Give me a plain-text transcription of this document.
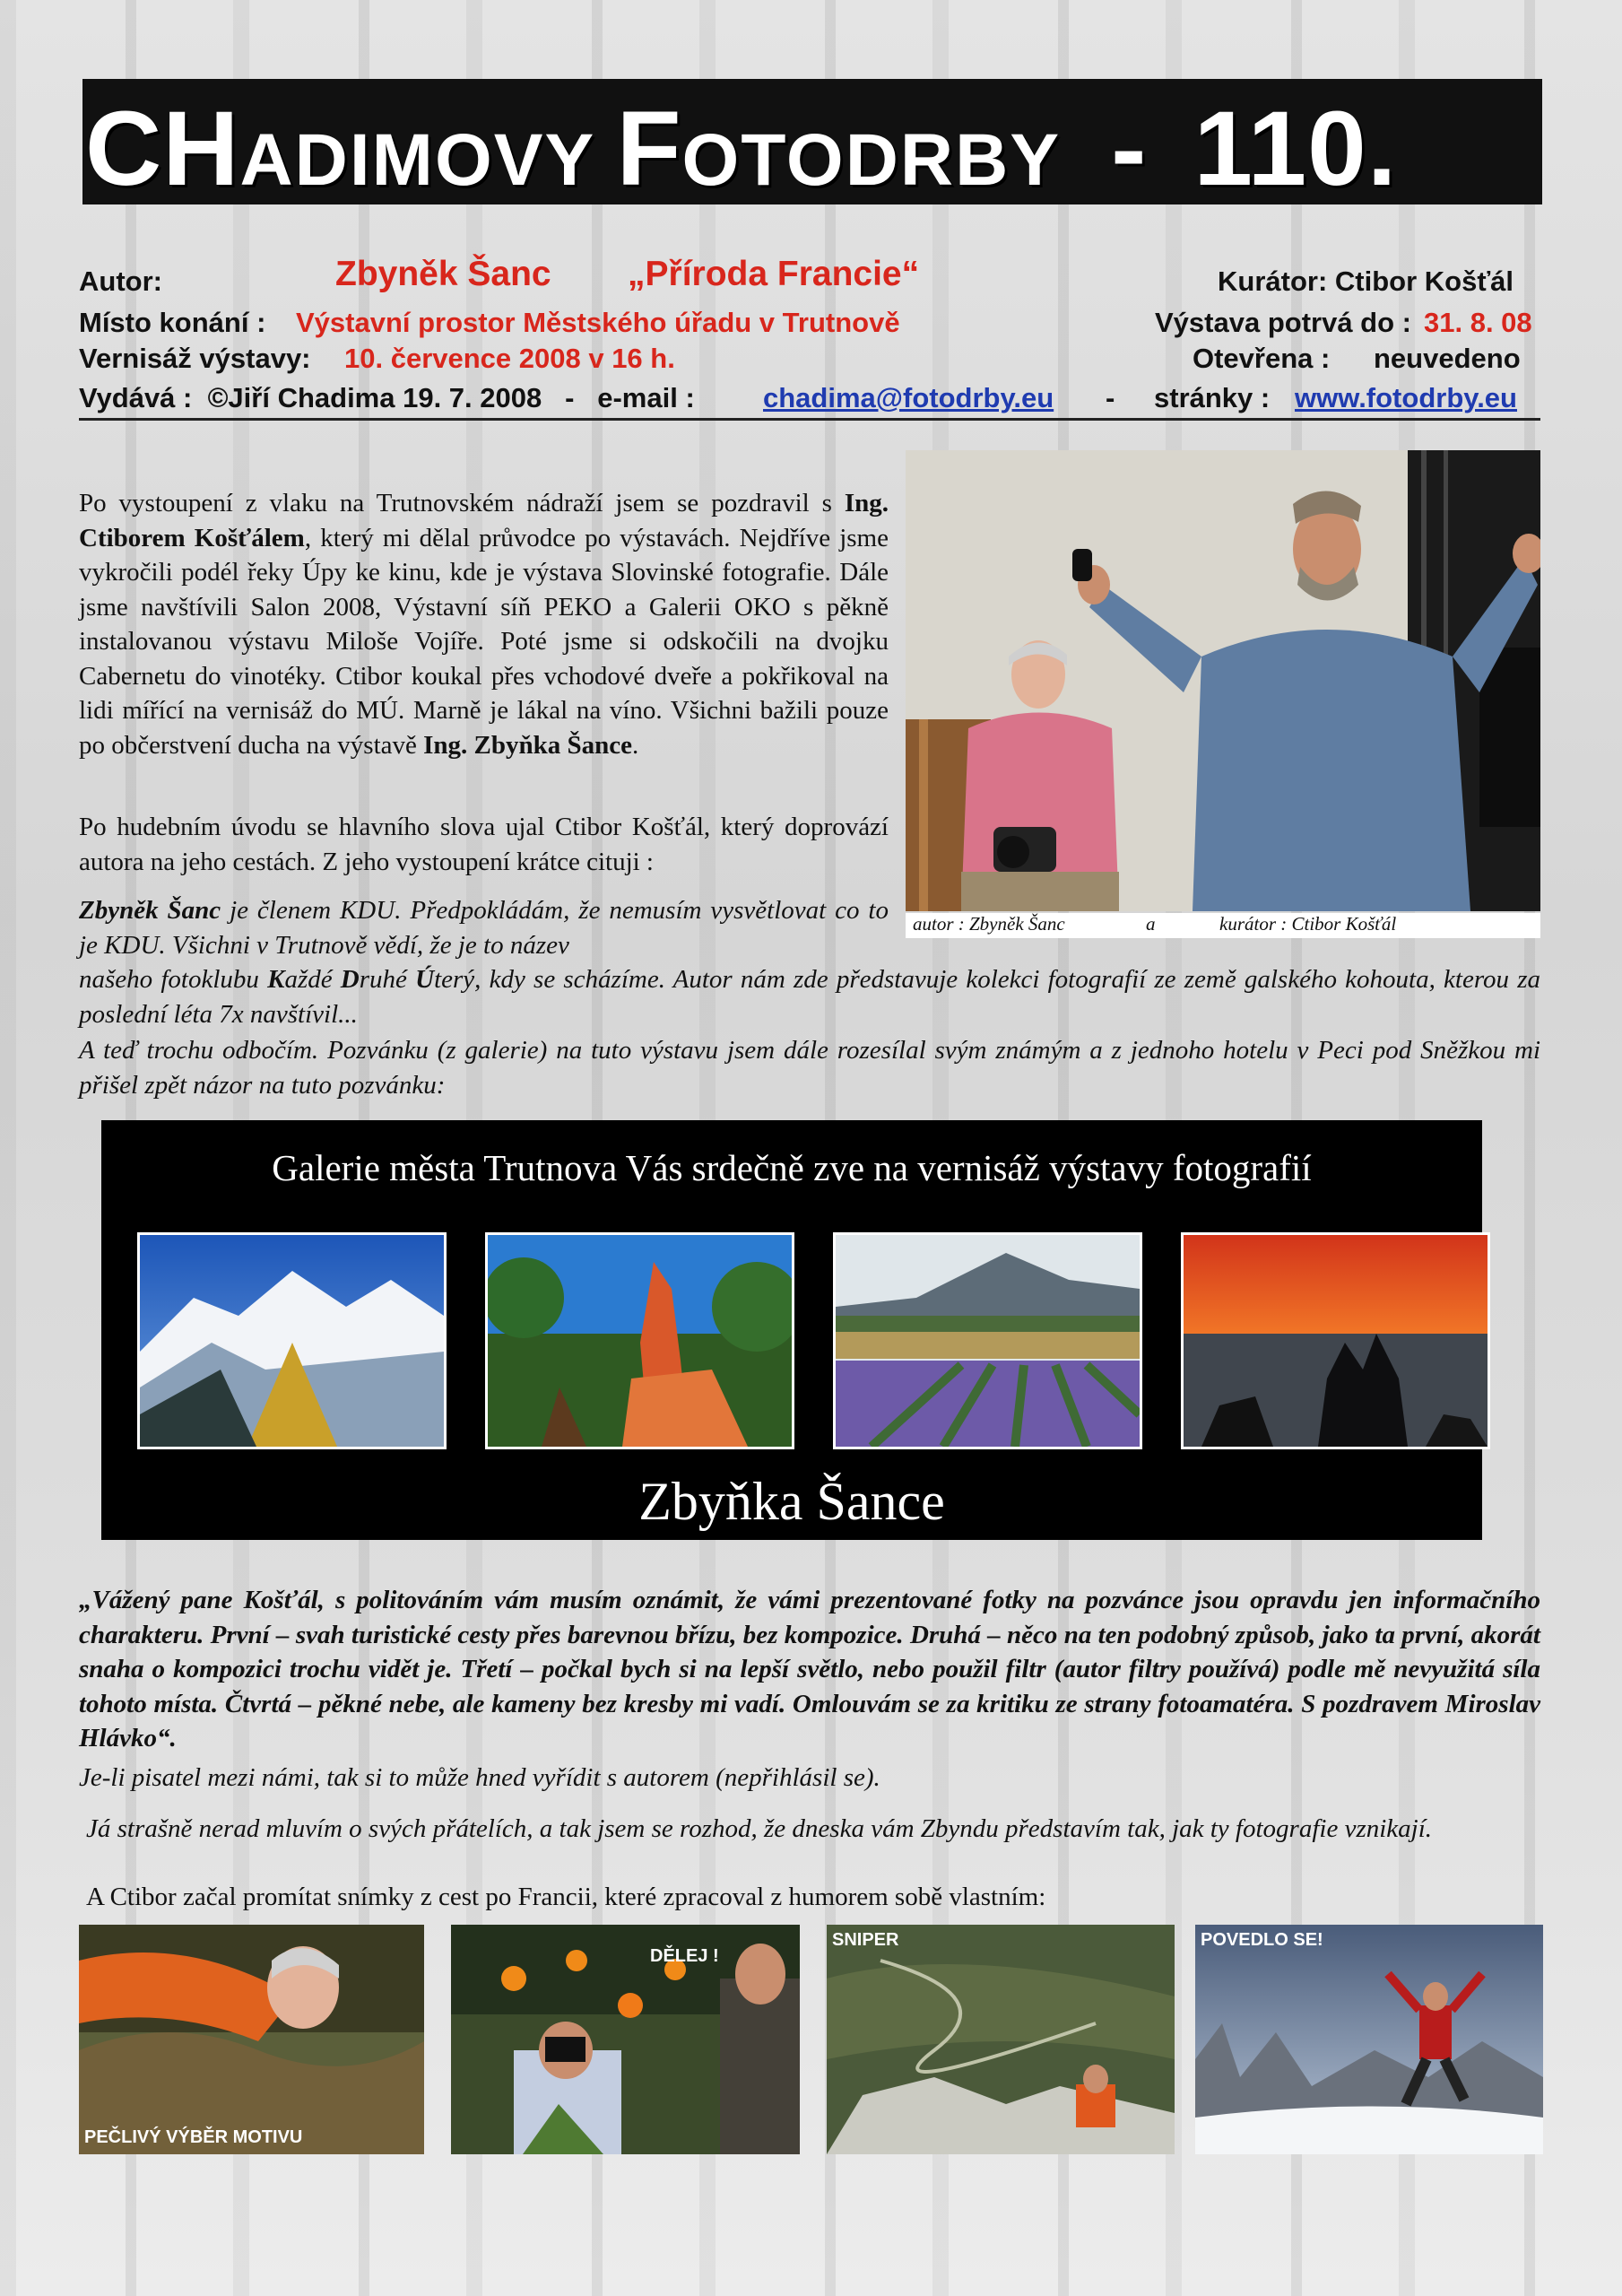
CHADIMOVY FOTODRBY - 110.
Autor:	Zbyněk Šanc „Příroda Francie“	Kurátor: Ctibor Košťál
Místo konání : Výstavní prostor Městského úřadu v Trutnově	Výstava potrvá do : 31. 8. 08
Vernisáž výstavy: 10. července 2008 v 16 h.	Otevřena : neuvedeno
Vydává :  ©Jiří Chadima 19. 7. 2008   -   e-mail : chadima@fotodrby.eu - stránky : www.fotodrby.eu
Po vystoupení z vlaku na Trutnovském nádraží jsem se pozdravil s Ing. Ctiborem Košťálem, který mi dělal průvodce po výstavách. Nejdříve jsme vykročili podél řeky Úpy ke kinu, kde je výstava Slovinské fotografie. Dále jsme navštívili Salon 2008, Výstavní síň PEKO a Galerii OKO s pěkně instalovanou výstavu Miloše Vojíře. Poté jsme si odskočili na dvojku Cabernetu do vinotéky. Ctibor koukal přes vchodové dveře a pokřikoval na lidi mířící na vernisáž do MÚ. Marně je lákal na víno. Všichni bažili pouze po občerstvení ducha na výstavě Ing. Zbyňka Šance.
Po hudebním úvodu se hlavního slova ujal Ctibor Košťál, který doprovází autora na jeho cestách. Z jeho vystoupení krátce cituji :
Zbyněk Šanc je členem KDU. Předpokládám, že nemusím vysvětlovat co to je KDU. Všichni v Trutnově vědí, že je to název
našeho fotoklubu Každé Druhé Úterý, kdy se scházíme. Autor nám zde představuje kolekci fotografií ze země galského kohouta, kterou za poslední léta 7x navštívil...
A teď trochu odbočím. Pozvánku (z galerie) na tuto výstavu jsem dále rozesílal svým známým a z jednoho hotelu v Peci pod Sněžkou mi přišel zpět názor na tuto pozvánku:
autor : Zbyněk Šanc	a	kurátor : Ctibor Košťál
Galerie města Trutnova Vás srdečně zve na vernisáž výstavy fotografií
Zbyňka Šance
„Vážený pane Košťál, s politováním vám musím oznámit, že vámi prezentované fotky na pozvánce jsou opravdu jen informačního charakteru. První – svah turistické cesty přes barevnou břízu, bez kompozice. Druhá – něco na ten podobný způsob, jako ta první, akorát snaha o kompozici trochu vidět je. Třetí – počkal bych si na lepší světlo, nebo použil filtr (autor filtry používá) podle mě nevyužitá síla tohoto místa. Čtvrtá – pěkné nebe, ale kameny bez kresby mi vadí. Omlouvám se za kritiku ze strany fotoamatéra. S pozdravem Miroslav Hlávko“.
Je-li pisatel mezi námi, tak si to může hned vyřídit s autorem (nepřihlásil se).
Já strašně nerad mluvím o svých přátelích, a tak jsem se rozhod, že dneska vám Zbyndu představím tak, jak ty fotografie vznikají.
A Ctibor začal promítat snímky z cest po Francii, které zpracoval z humorem sobě vlastním:
PEČLIVÝ VÝBĚR MOTIVU
DĚLEJ !
SNIPER	POVEDLO SE!
